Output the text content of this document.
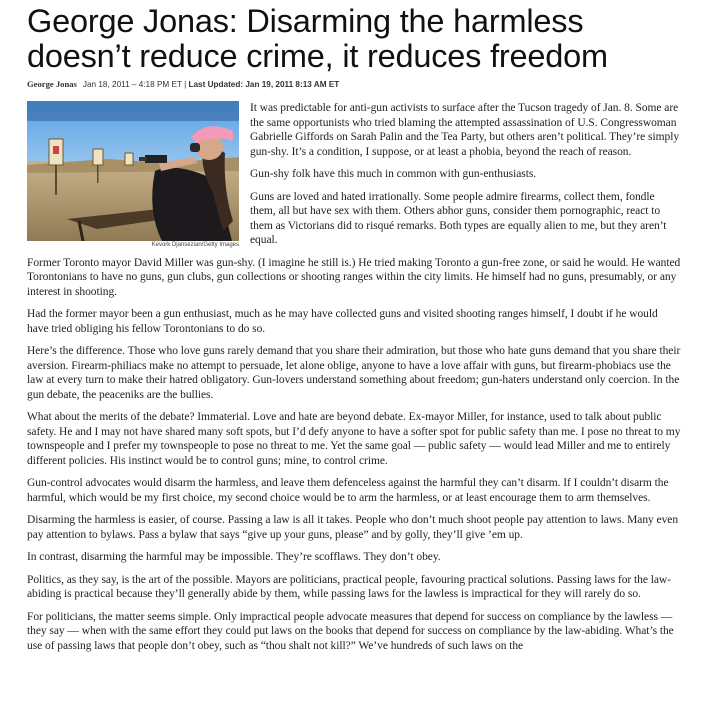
George Jonas: Disarming the harmless doesn’t reduce crime, it reduces freedom
George Jonas Jan 18, 2011 – 4:18 PM ET | Last Updated: Jan 19, 2011 8:13 AM ET
Kevork Djansezian/Getty Images

It was predictable for anti-gun activists to surface after the Tucson tragedy of Jan. 8. Some are the same opportunists who tried blaming the attempted assassination of U.S. Congresswoman Gabrielle Giffords on Sarah Palin and the Tea Party, but others aren’t political. They’re simply gun-shy. It’s a condition, I suppose, or at least a phobia, beyond the reach of reason.

Gun-shy folk have this much in common with gun-enthusiasts.

Guns are loved and hated irrationally. Some people admire firearms, collect them, fondle them, all but have sex with them. Others abhor guns, consider them pornographic, react to them as Victorians did to risqué remarks. Both types are equally alien to me, but they aren’t equal.

Former Toronto mayor David Miller was gun-shy. (I imagine he still is.) He tried making Toronto a gun-free zone, or said he would. He wanted Torontonians to have no guns, gun clubs, gun collections or shooting ranges within the city limits. He himself had no guns, presumably, or any interest in shooting.

Had the former mayor been a gun enthusiast, much as he may have collected guns and visited shooting ranges himself, I doubt if he would have tried obliging his fellow Torontonians to do so.

Here’s the difference. Those who love guns rarely demand that you share their admiration, but those who hate guns demand that you share their aversion. Firearm-philiacs make no attempt to persuade, let alone oblige, anyone to have a love affair with guns, but firearm-phobiacs use the law at every turn to make their hatred obligatory. Gun-lovers understand something about freedom; gun-haters understand only coercion. In the gun debate, the peaceniks are the bullies.

What about the merits of the debate? Immaterial. Love and hate are beyond debate. Ex-mayor Miller, for instance, used to talk about public safety. He and I may not have shared many soft spots, but I’d defy anyone to have a softer spot for public safety than me. I pose no threat to my townspeople and I prefer my townspeople to pose no threat to me. Yet the same goal — public safety — would lead Miller and me to entirely different policies. His instinct would be to control guns; mine, to control crime.

Gun-control advocates would disarm the harmless, and leave them defenceless against the harmful they can’t disarm. If I couldn’t disarm the harmful, which would be my first choice, my second choice would be to arm the harmless, or at least encourage them to arm themselves.

Disarming the harmless is easier, of course. Passing a law is all it takes. People who don’t much shoot people pay attention to laws. Many even pay attention to bylaws. Pass a bylaw that says “give up your guns, please” and by golly, they’ll give ’em up.

In contrast, disarming the harmful may be impossible. They’re scofflaws. They don’t obey.

Politics, as they say, is the art of the possible. Mayors are politicians, practical people, favouring practical solutions. Passing laws for the law-abiding is practical because they’ll generally abide by them, while passing laws for the lawless is impractical for they will rarely do so.

For politicians, the matter seems simple. Only impractical people advocate measures that depend for success on compliance by the lawless — they say — when with the same effort they could put laws on the books that depend for success on compliance by the law-abiding. What’s the use of passing laws that people don’t obey, such as “thou shalt not kill?” We’ve hundreds of such laws on the
